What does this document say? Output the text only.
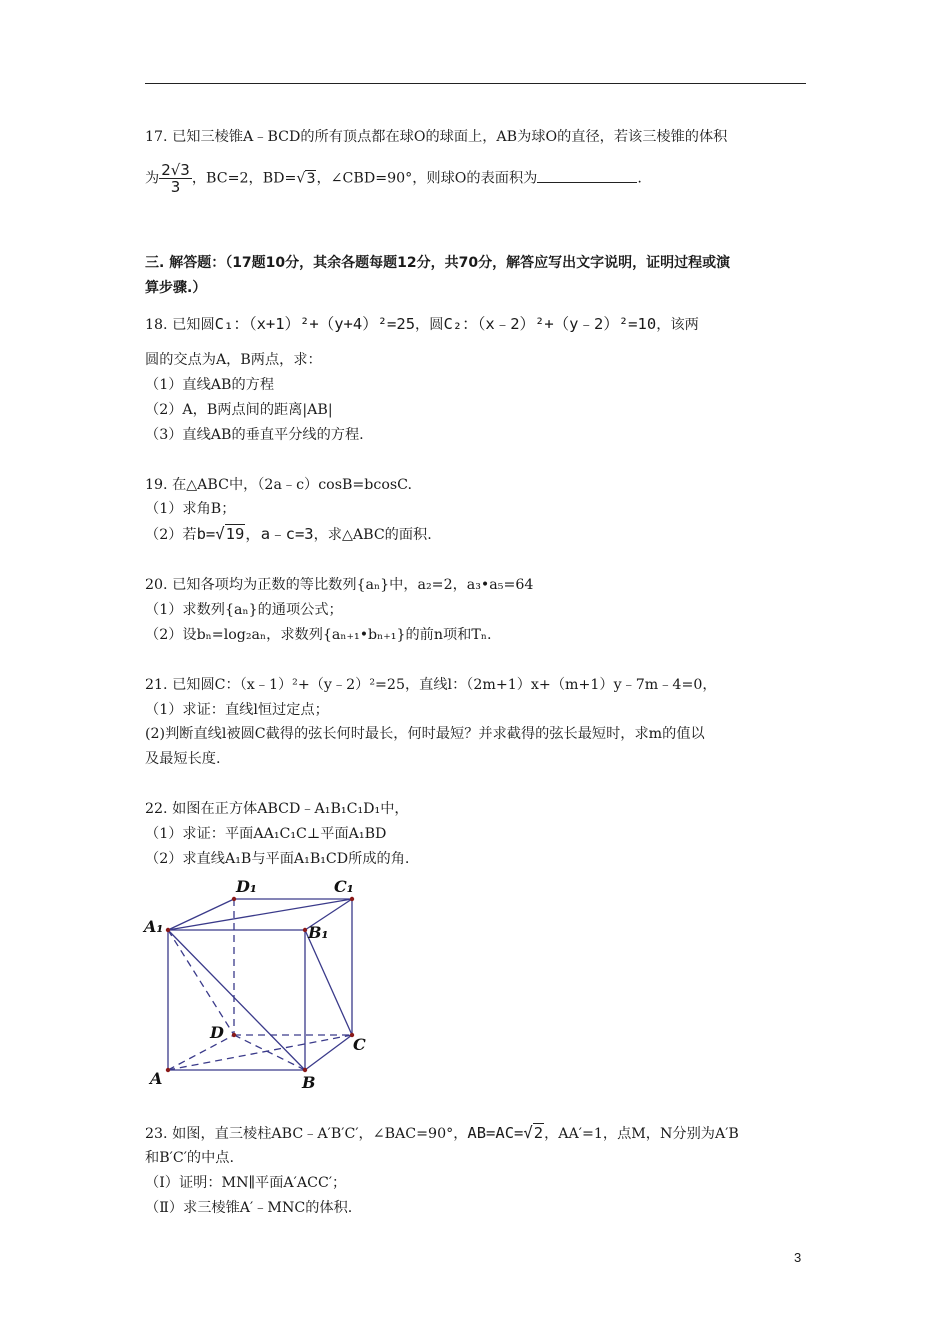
17. 已知三棱锥A﹣BCD的所有顶点都在球O的球面上，AB为球O的直径，若该三棱锥的体积
为 $\frac{2√3}{3}$ ，BC=2，BD=√3，∠CBD=90°，则球O的表面积为	.
三. 解答题：（17题10分，其余各题每题12分，共70分，解答应写出文字说明，证明过程或演
算步骤.）
18. 已知圆C₁：（x+1）²+（y+4）²=25，圆C₂：（x﹣2）²+（y﹣2）²=10，该两
圆的交点为A，B两点，求：
（1）直线AB的方程
（2）A，B两点间的距离|AB|
（3）直线AB的垂直平分线的方程.
19. 在△ABC中，（2a﹣c）cosB=bcosC.
（1）求角B；
（2）若b=√19，a﹣c=3，求△ABC的面积.
20. 已知各项均为正数的等比数列{aₙ}中，a₂=2，a₃•a₅=64
（1）求数列{aₙ}的通项公式；
（2）设bₙ=log₂aₙ，求数列{aₙ₊₁•bₙ₊₁}的前n项和Tₙ.
21. 已知圆C：（x﹣1）²+（y﹣2）²=25，直线l：（2m+1）x+（m+1）y﹣7m﹣4=0，
（1）求证：直线l恒过定点；
(2)判断直线l被圆C截得的弦长何时最长，何时最短？并求截得的弦长最短时，求m的值以
及最短长度.
22. 如图在正方体ABCD﹣A₁B₁C₁D₁中，
（1）求证：平面AA₁C₁C⊥平面A₁BD
（2）求直线A₁B与平面A₁B₁CD所成的角.
A₁
D₁	C₁
B₁
D
C
A	B
23. 如图，直三棱柱ABC﹣A′B′C′，∠BAC=90°，AB=AC=√2，AA′=1，点M，N分别为A′B
和B′C′的中点.
（Ⅰ）证明：MN∥平面A′ACC′；
（Ⅱ）求三棱锥A′﹣MNC的体积.
3
